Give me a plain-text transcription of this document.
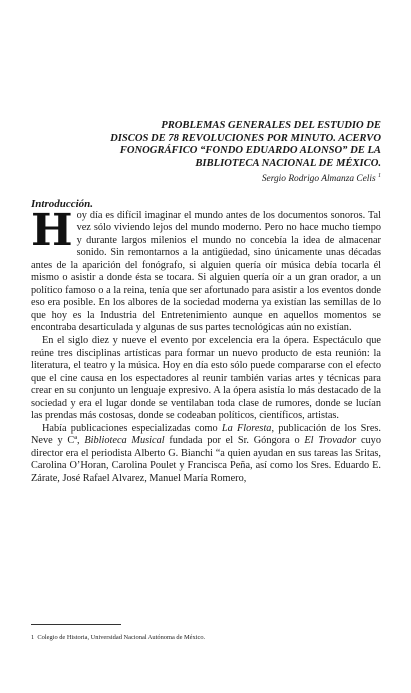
PROBLEMAS GENERALES DEL ESTUDIO DE
DISCOS DE 78 REVOLUCIONES POR MINUTO. ACERVO
FONOGRÁFICO “FONDO EDUARDO ALONSO” DE LA
BIBLIOTECA NACIONAL DE MÉXICO.

Sergio Rodrigo Almanza Celis $^1$

Introducción.

Hoy día es difícil imaginar el mundo antes de los documentos sonoros. Tal vez sólo viviendo lejos del mundo moderno. Pero no hace mucho tiempo y durante largos milenios el mundo no concebía la idea de almacenar sonido. Sin remontarnos a la antigüedad, sino únicamente unas décadas antes de la aparición del fonógrafo, si alguien quería oír música debía tocarla él mismo o asistir a donde ésta se tocara. Si alguien quería oír a un gran orador, a un político famoso o a la reina, tenía que ser afortunado para asistir a los eventos donde eso era posible. En los albores de la sociedad moderna ya existían las semillas de lo que hoy es la Industria del Entretenimiento aunque en aquellos momentos se encontraba desarticulada y algunas de sus partes tecnológicas aún no existían.

En el siglo diez y nueve el evento por excelencia era la ópera. Espectáculo que reúne tres disciplinas artísticas para formar un nuevo producto de esta reunión: la literatura, el teatro y la música. Hoy en día esto sólo puede compararse con el efecto que el cine causa en los espectadores al reunir también varias artes y técnicas para crear en su conjunto un lenguaje expresivo. A la ópera asistía lo más destacado de la sociedad y era el lugar donde se ventilaban toda clase de rumores, donde se lucían las prendas más costosas, donde se codeaban políticos, científicos, artistas.

Había publicaciones especializadas como La Floresta, publicación de los Sres. Neve y Cª, Biblioteca Musical fundada por el Sr. Góngora o El Trovador cuyo director era el periodista Alberto G. Bianchi “a quien ayudan en sus tareas las Sritas, Carolina O’Horan, Carolina Poulet y Francisca Peña, así como los Sres. Eduardo E. Zárate, José Rafael Alvarez, Manuel María Romero,

1 Colegio de Historia, Universidad Nacional Autónoma de México.
